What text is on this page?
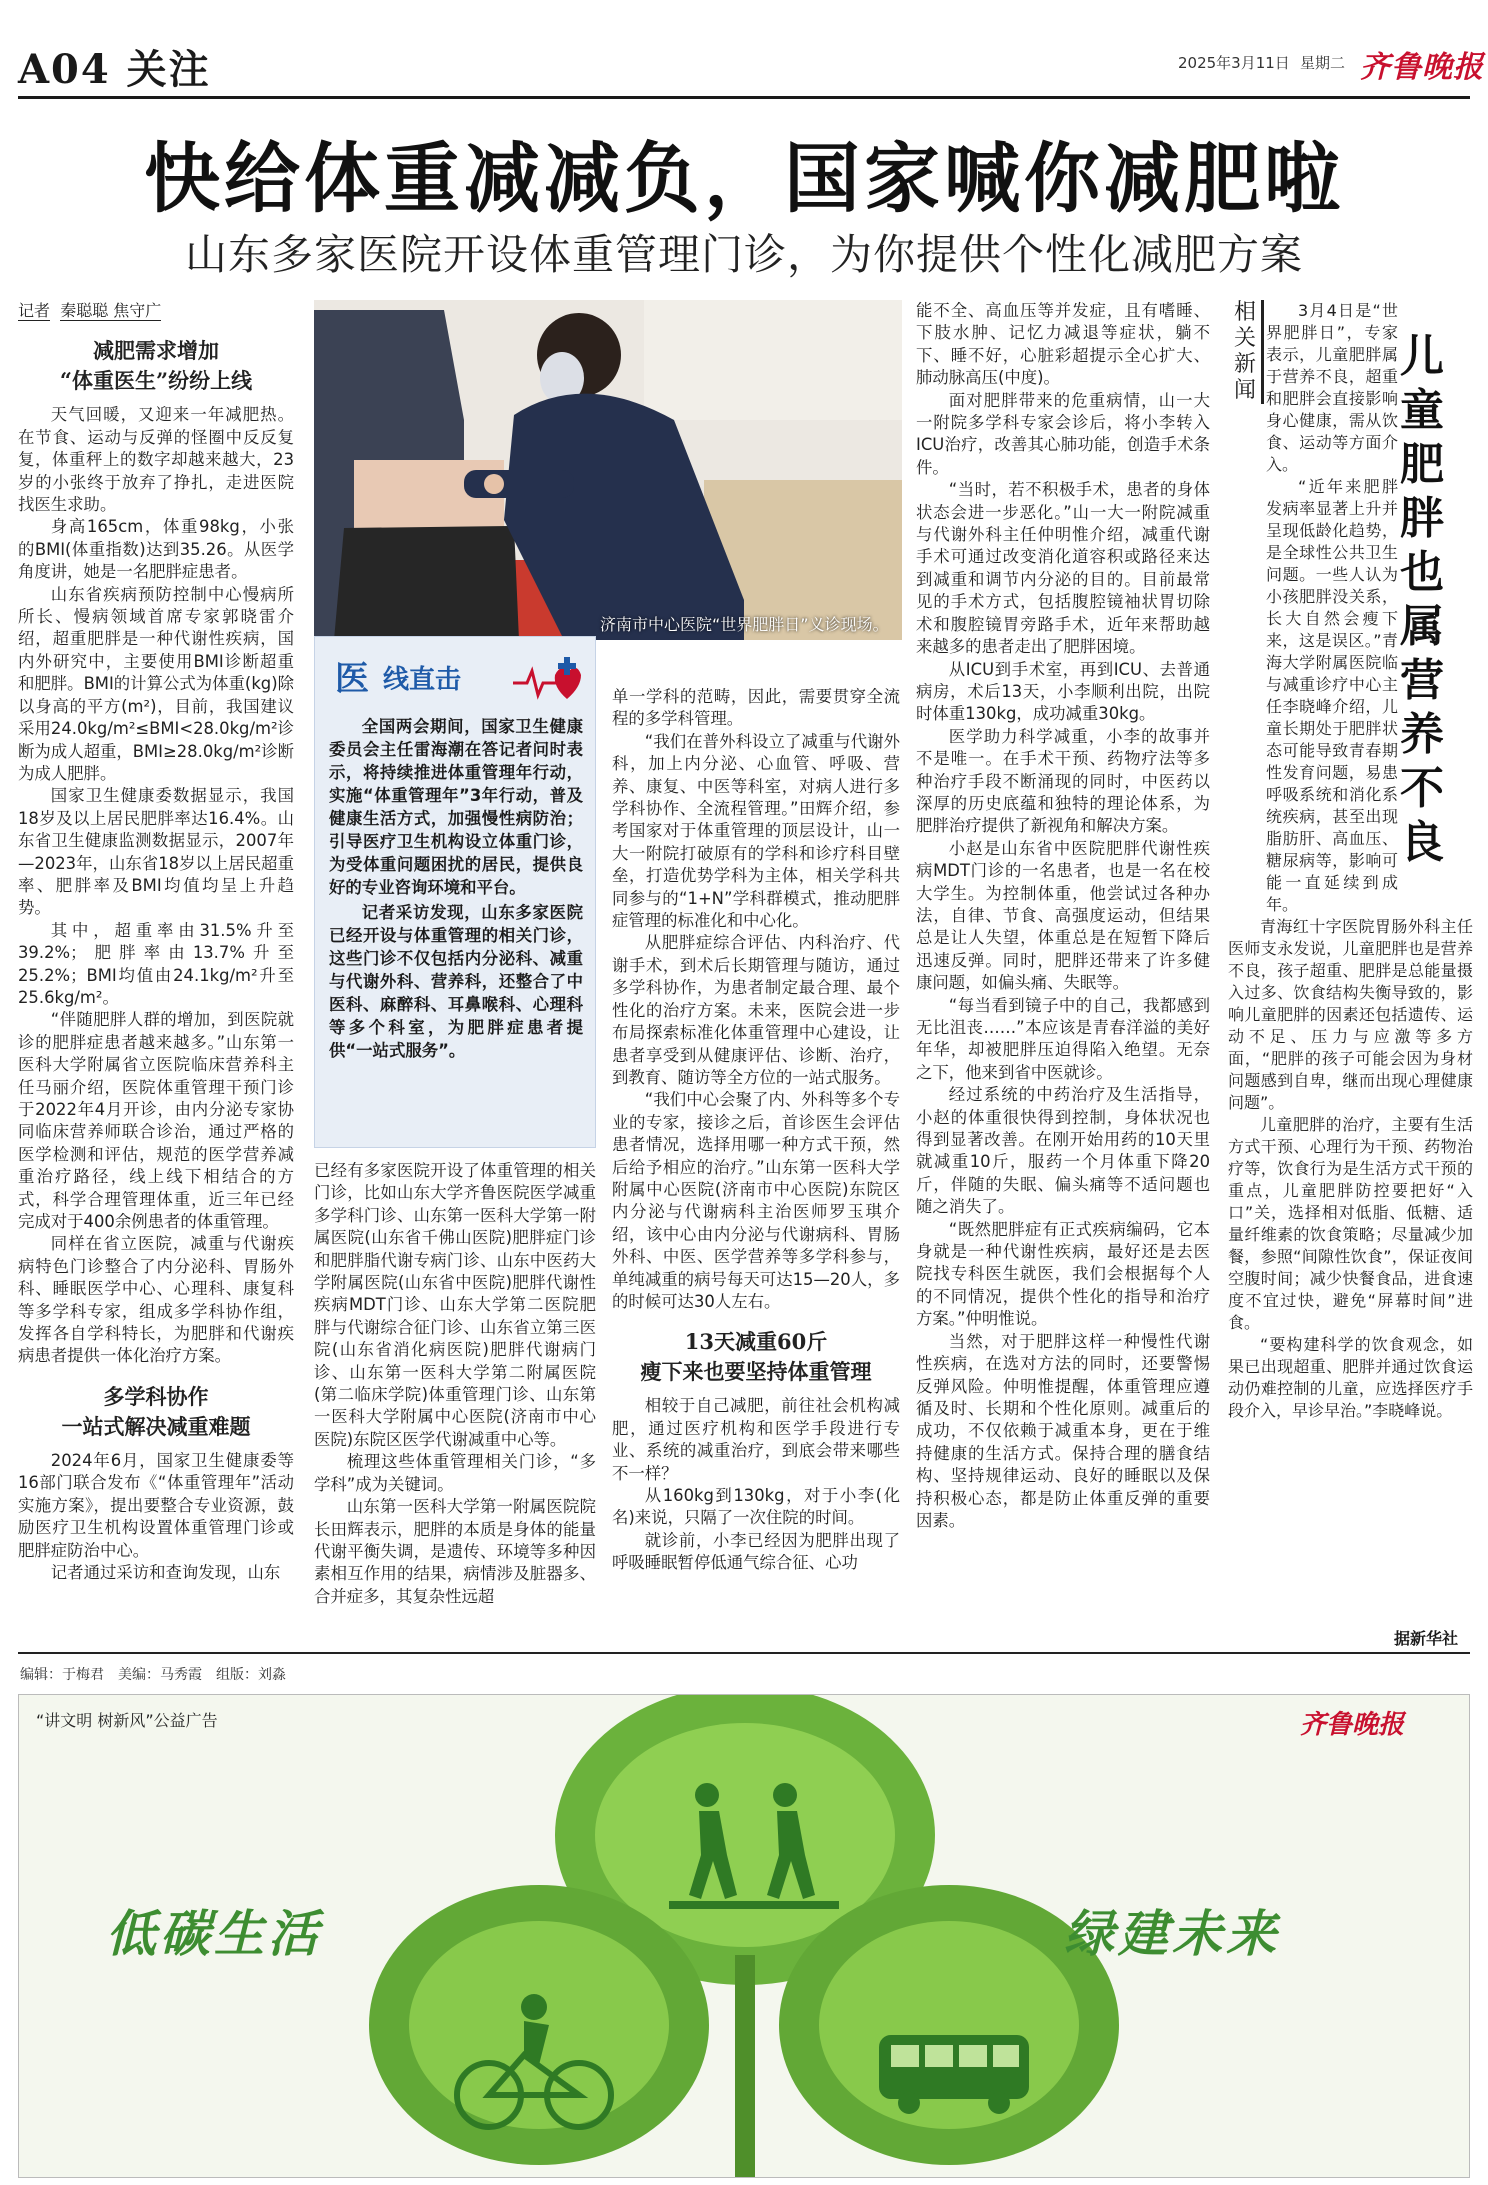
A04 关注	2025年3月11日 星期二 齐鲁晚报
快给体重减减负，国家喊你减肥啦
山东多家医院开设体重管理门诊，为你提供个性化减肥方案
记者 秦聪聪 焦守广
减肥需求增加
“体重医生”纷纷上线

天气回暖，又迎来一年减肥热。在节食、运动与反弹的怪圈中反反复复，体重秤上的数字却越来越大，23岁的小张终于放弃了挣扎，走进医院找医生求助。

身高165cm，体重98kg，小张的BMI(体重指数)达到35.26。从医学角度讲，她是一名肥胖症患者。

山东省疾病预防控制中心慢病所所长、慢病领域首席专家郭晓雷介绍，超重肥胖是一种代谢性疾病，国内外研究中，主要使用BMI诊断超重和肥胖。BMI的计算公式为体重(kg)除以身高的平方(m²)，目前，我国建议采用24.0kg/m²≤BMI<28.0kg/m²诊断为成人超重，BMI≥28.0kg/m²诊断为成人肥胖。

国家卫生健康委数据显示，我国18岁及以上居民肥胖率达16.4%。山东省卫生健康监测数据显示，2007年—2023年，山东省18岁以上居民超重率、肥胖率及BMI均值均呈上升趋势。

其中，超重率由31.5%升至39.2%；肥胖率由13.7%升至25.2%；BMI均值由24.1kg/m²升至25.6kg/m²。

“伴随肥胖人群的增加，到医院就诊的肥胖症患者越来越多。”山东第一医科大学附属省立医院临床营养科主任马丽介绍，医院体重管理干预门诊于2022年4月开诊，由内分泌专家协同临床营养师联合诊治，通过严格的医学检测和评估，规范的医学营养减重治疗路径，线上线下相结合的方式，科学合理管理体重，近三年已经完成对于400余例患者的体重管理。

同样在省立医院，减重与代谢疾病特色门诊整合了内分泌科、胃肠外科、睡眠医学中心、心理科、康复科等多学科专家，组成多学科协作组，发挥各自学科特长，为肥胖和代谢疾病患者提供一体化治疗方案。

多学科协作
一站式解决减重难题

2024年6月，国家卫生健康委等16部门联合发布《“体重管理年”活动实施方案》，提出要整合专业资源，鼓励医疗卫生机构设置体重管理门诊或肥胖症防治中心。

记者通过采访和查询发现，山东

济南市中心医院“世界肥胖日”义诊现场。
医 线直击

全国两会期间，国家卫生健康委员会主任雷海潮在答记者问时表示，将持续推进体重管理年行动，实施“体重管理年”3年行动，普及健康生活方式，加强慢性病防治；引导医疗卫生机构设立体重门诊，为受体重问题困扰的居民，提供良好的专业咨询环境和平台。

记者采访发现，山东多家医院已经开设与体重管理的相关门诊，这些门诊不仅包括内分泌科、减重与代谢外科、营养科，还整合了中医科、麻醉科、耳鼻喉科、心理科等多个科室，为肥胖症患者提供“一站式服务”。

已经有多家医院开设了体重管理的相关门诊，比如山东大学齐鲁医院医学减重多学科门诊、山东第一医科大学第一附属医院(山东省千佛山医院)肥胖症门诊和肥胖脂代谢专病门诊、山东中医药大学附属医院(山东省中医院)肥胖代谢性疾病MDT门诊、山东大学第二医院肥胖与代谢综合征门诊、山东省立第三医院(山东省消化病医院)肥胖代谢病门诊、山东第一医科大学第二附属医院(第二临床学院)体重管理门诊、山东第一医科大学附属中心医院(济南市中心医院)东院区医学代谢减重中心等。

梳理这些体重管理相关门诊，“多学科”成为关键词。

山东第一医科大学第一附属医院院长田辉表示，肥胖的本质是身体的能量代谢平衡失调，是遗传、环境等多种因素相互作用的结果，病情涉及脏器多、合并症多，其复杂性远超

单一学科的范畴，因此，需要贯穿全流程的多学科管理。

“我们在普外科设立了减重与代谢外科，加上内分泌、心血管、呼吸、营养、康复、中医等科室，对病人进行多学科协作、全流程管理。”田辉介绍，参考国家对于体重管理的顶层设计，山一大一附院打破原有的学科和诊疗科目壁垒，打造优势学科为主体，相关学科共同参与的“1+N”学科群模式，推动肥胖症管理的标准化和中心化。

从肥胖症综合评估、内科治疗、代谢手术，到术后长期管理与随访，通过多学科协作，为患者制定最合理、最个性化的治疗方案。未来，医院会进一步布局探索标准化体重管理中心建设，让患者享受到从健康评估、诊断、治疗，到教育、随访等全方位的一站式服务。

“我们中心会聚了内、外科等多个专业的专家，接诊之后，首诊医生会评估患者情况，选择用哪一种方式干预，然后给予相应的治疗。”山东第一医科大学附属中心医院(济南市中心医院)东院区内分泌与代谢病科主治医师罗玉琪介绍，该中心由内分泌与代谢病科、胃肠外科、中医、医学营养等多学科参与，单纯减重的病号每天可达15—20人，多的时候可达30人左右。

13天减重60斤
瘦下来也要坚持体重管理

相较于自己减肥，前往社会机构减肥，通过医疗机构和医学手段进行专业、系统的减重治疗，到底会带来哪些不一样？

从160kg到130kg，对于小李(化名)来说，只隔了一次住院的时间。

就诊前，小李已经因为肥胖出现了呼吸睡眠暂停低通气综合征、心功

能不全、高血压等并发症，且有嗜睡、下肢水肿、记忆力减退等症状，躺不下、睡不好，心脏彩超提示全心扩大、肺动脉高压(中度)。

面对肥胖带来的危重病情，山一大一附院多学科专家会诊后，将小李转入ICU治疗，改善其心肺功能，创造手术条件。

“当时，若不积极手术，患者的身体状态会进一步恶化。”山一大一附院减重与代谢外科主任仲明惟介绍，减重代谢手术可通过改变消化道容积或路径来达到减重和调节内分泌的目的。目前最常见的手术方式，包括腹腔镜袖状胃切除术和腹腔镜胃旁路手术，近年来帮助越来越多的患者走出了肥胖困境。

从ICU到手术室，再到ICU、去普通病房，术后13天，小李顺利出院，出院时体重130kg，成功减重30kg。

医学助力科学减重，小李的故事并不是唯一。在手术干预、药物疗法等多种治疗手段不断涌现的同时，中医药以深厚的历史底蕴和独特的理论体系，为肥胖治疗提供了新视角和解决方案。

小赵是山东省中医院肥胖代谢性疾病MDT门诊的一名患者，也是一名在校大学生。为控制体重，他尝试过各种办法，自律、节食、高强度运动，但结果总是让人失望，体重总是在短暂下降后迅速反弹。同时，肥胖还带来了许多健康问题，如偏头痛、失眠等。

“每当看到镜子中的自己，我都感到无比沮丧……”本应该是青春洋溢的美好年华，却被肥胖压迫得陷入绝望。无奈之下，他来到省中医就诊。

经过系统的中药治疗及生活指导，小赵的体重很快得到控制，身体状况也得到显著改善。在刚开始用药的10天里就减重10斤，服药一个月体重下降20斤，伴随的失眠、偏头痛等不适问题也随之消失了。

“既然肥胖症有正式疾病编码，它本身就是一种代谢性疾病，最好还是去医院找专科医生就医，我们会根据每个人的不同情况，提供个性化的指导和治疗方案。”仲明惟说。

当然，对于肥胖这样一种慢性代谢性疾病，在选对方法的同时，还要警惕反弹风险。仲明惟提醒，体重管理应遵循及时、长期和个性化原则。减重后的成功，不仅依赖于减重本身，更在于维持健康的生活方式。保持合理的膳食结构、坚持规律运动、良好的睡眠以及保持积极心态，都是防止体重反弹的重要因素。

相关新闻
儿童肥胖也属营养不良

3月4日是“世界肥胖日”，专家表示，儿童肥胖属于营养不良，超重和肥胖会直接影响身心健康，需从饮食、运动等方面介入。

“近年来肥胖发病率显著上升并呈现低龄化趋势，是全球性公共卫生问题。一些人认为小孩肥胖没关系，长大自然会瘦下来，这是误区。”青海大学附属医院临与减重诊疗中心主任李晓峰介绍，儿童长期处于肥胖状态可能导致青春期性发育问题，易患呼吸系统和消化系统疾病，甚至出现脂肪肝、高血压、糖尿病等，影响可能一直延续到成年。

青海红十字医院胃肠外科主任医师支永发说，儿童肥胖也是营养不良，孩子超重、肥胖是总能量摄入过多、饮食结构失衡导致的，影响儿童肥胖的因素还包括遗传、运动不足、压力与应激等多方面，“肥胖的孩子可能会因为身材问题感到自卑，继而出现心理健康问题”。

儿童肥胖的治疗，主要有生活方式干预、心理行为干预、药物治疗等，饮食行为是生活方式干预的重点，儿童肥胖防控要把好“入口”关，选择相对低脂、低糖、适量纤维素的饮食策略；尽量减少加餐，参照“间隙性饮食”，保证夜间空腹时间；减少快餐食品，进食速度不宜过快，避免“屏幕时间”进食。

“要构建科学的饮食观念，如果已出现超重、肥胖并通过饮食运动仍难控制的儿童，应选择医疗手段介入，早诊早治。”李晓峰说。

据新华社
编辑：于梅君　美编：马秀霞　组版：刘淼
“讲文明 树新风”公益广告	齐鲁晚报
低碳生活	绿建未来
